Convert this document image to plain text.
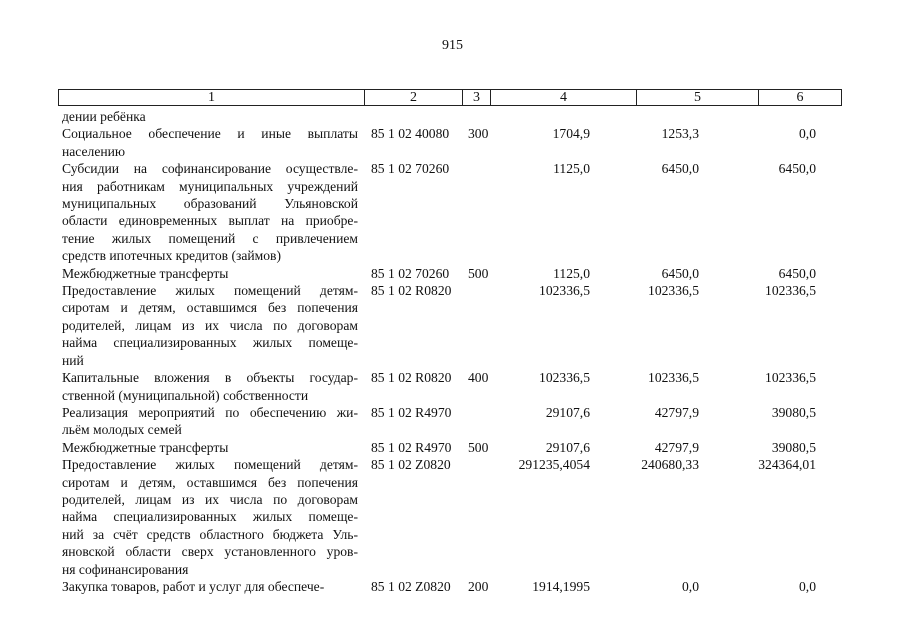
915
1	2	3	4	5	6
дении ребёнка
Социальное обеспечение и иные выплаты
населению
85 1 02 40080 300	1704,9	1253,3	0,0
Субсидии на софинансирование осуществле-
ния работникам муниципальных учреждений
муниципальных образований Ульяновской
области единовременных выплат на приобре-
тение жилых помещений с привлечением
средств ипотечных кредитов (займов)
85 1 02 70260	1125,0	6450,0	6450,0
Межбюджетные трансферты	85 1 02 70260 500	1125,0	6450,0	6450,0
Предоставление жилых помещений детям-
сиротам и детям, оставшимся без попечения
родителей, лицам из их числа по договорам
найма специализированных жилых помеще-
ний
85 1 02 R0820	102336,5	102336,5	102336,5
Капитальные вложения в объекты государ-
ственной (муниципальной) собственности
85 1 02 R0820 400	102336,5	102336,5	102336,5
Реализация мероприятий по обеспечению жи-
льём молодых семей
85 1 02 R4970	29107,6	42797,9	39080,5
Межбюджетные трансферты	85 1 02 R4970 500	29107,6	42797,9	39080,5
Предоставление жилых помещений детям-
сиротам и детям, оставшимся без попечения
родителей, лицам из их числа по договорам
найма специализированных жилых помеще-
ний за счёт средств областного бюджета Уль-
яновской области сверх установленного уров-
ня софинансирования
85 1 02 Z0820	291235,4054	240680,33	324364,01
Закупка товаров, работ и услуг для обеспече-	85 1 02 Z0820 200	1914,1995	0,0	0,0
